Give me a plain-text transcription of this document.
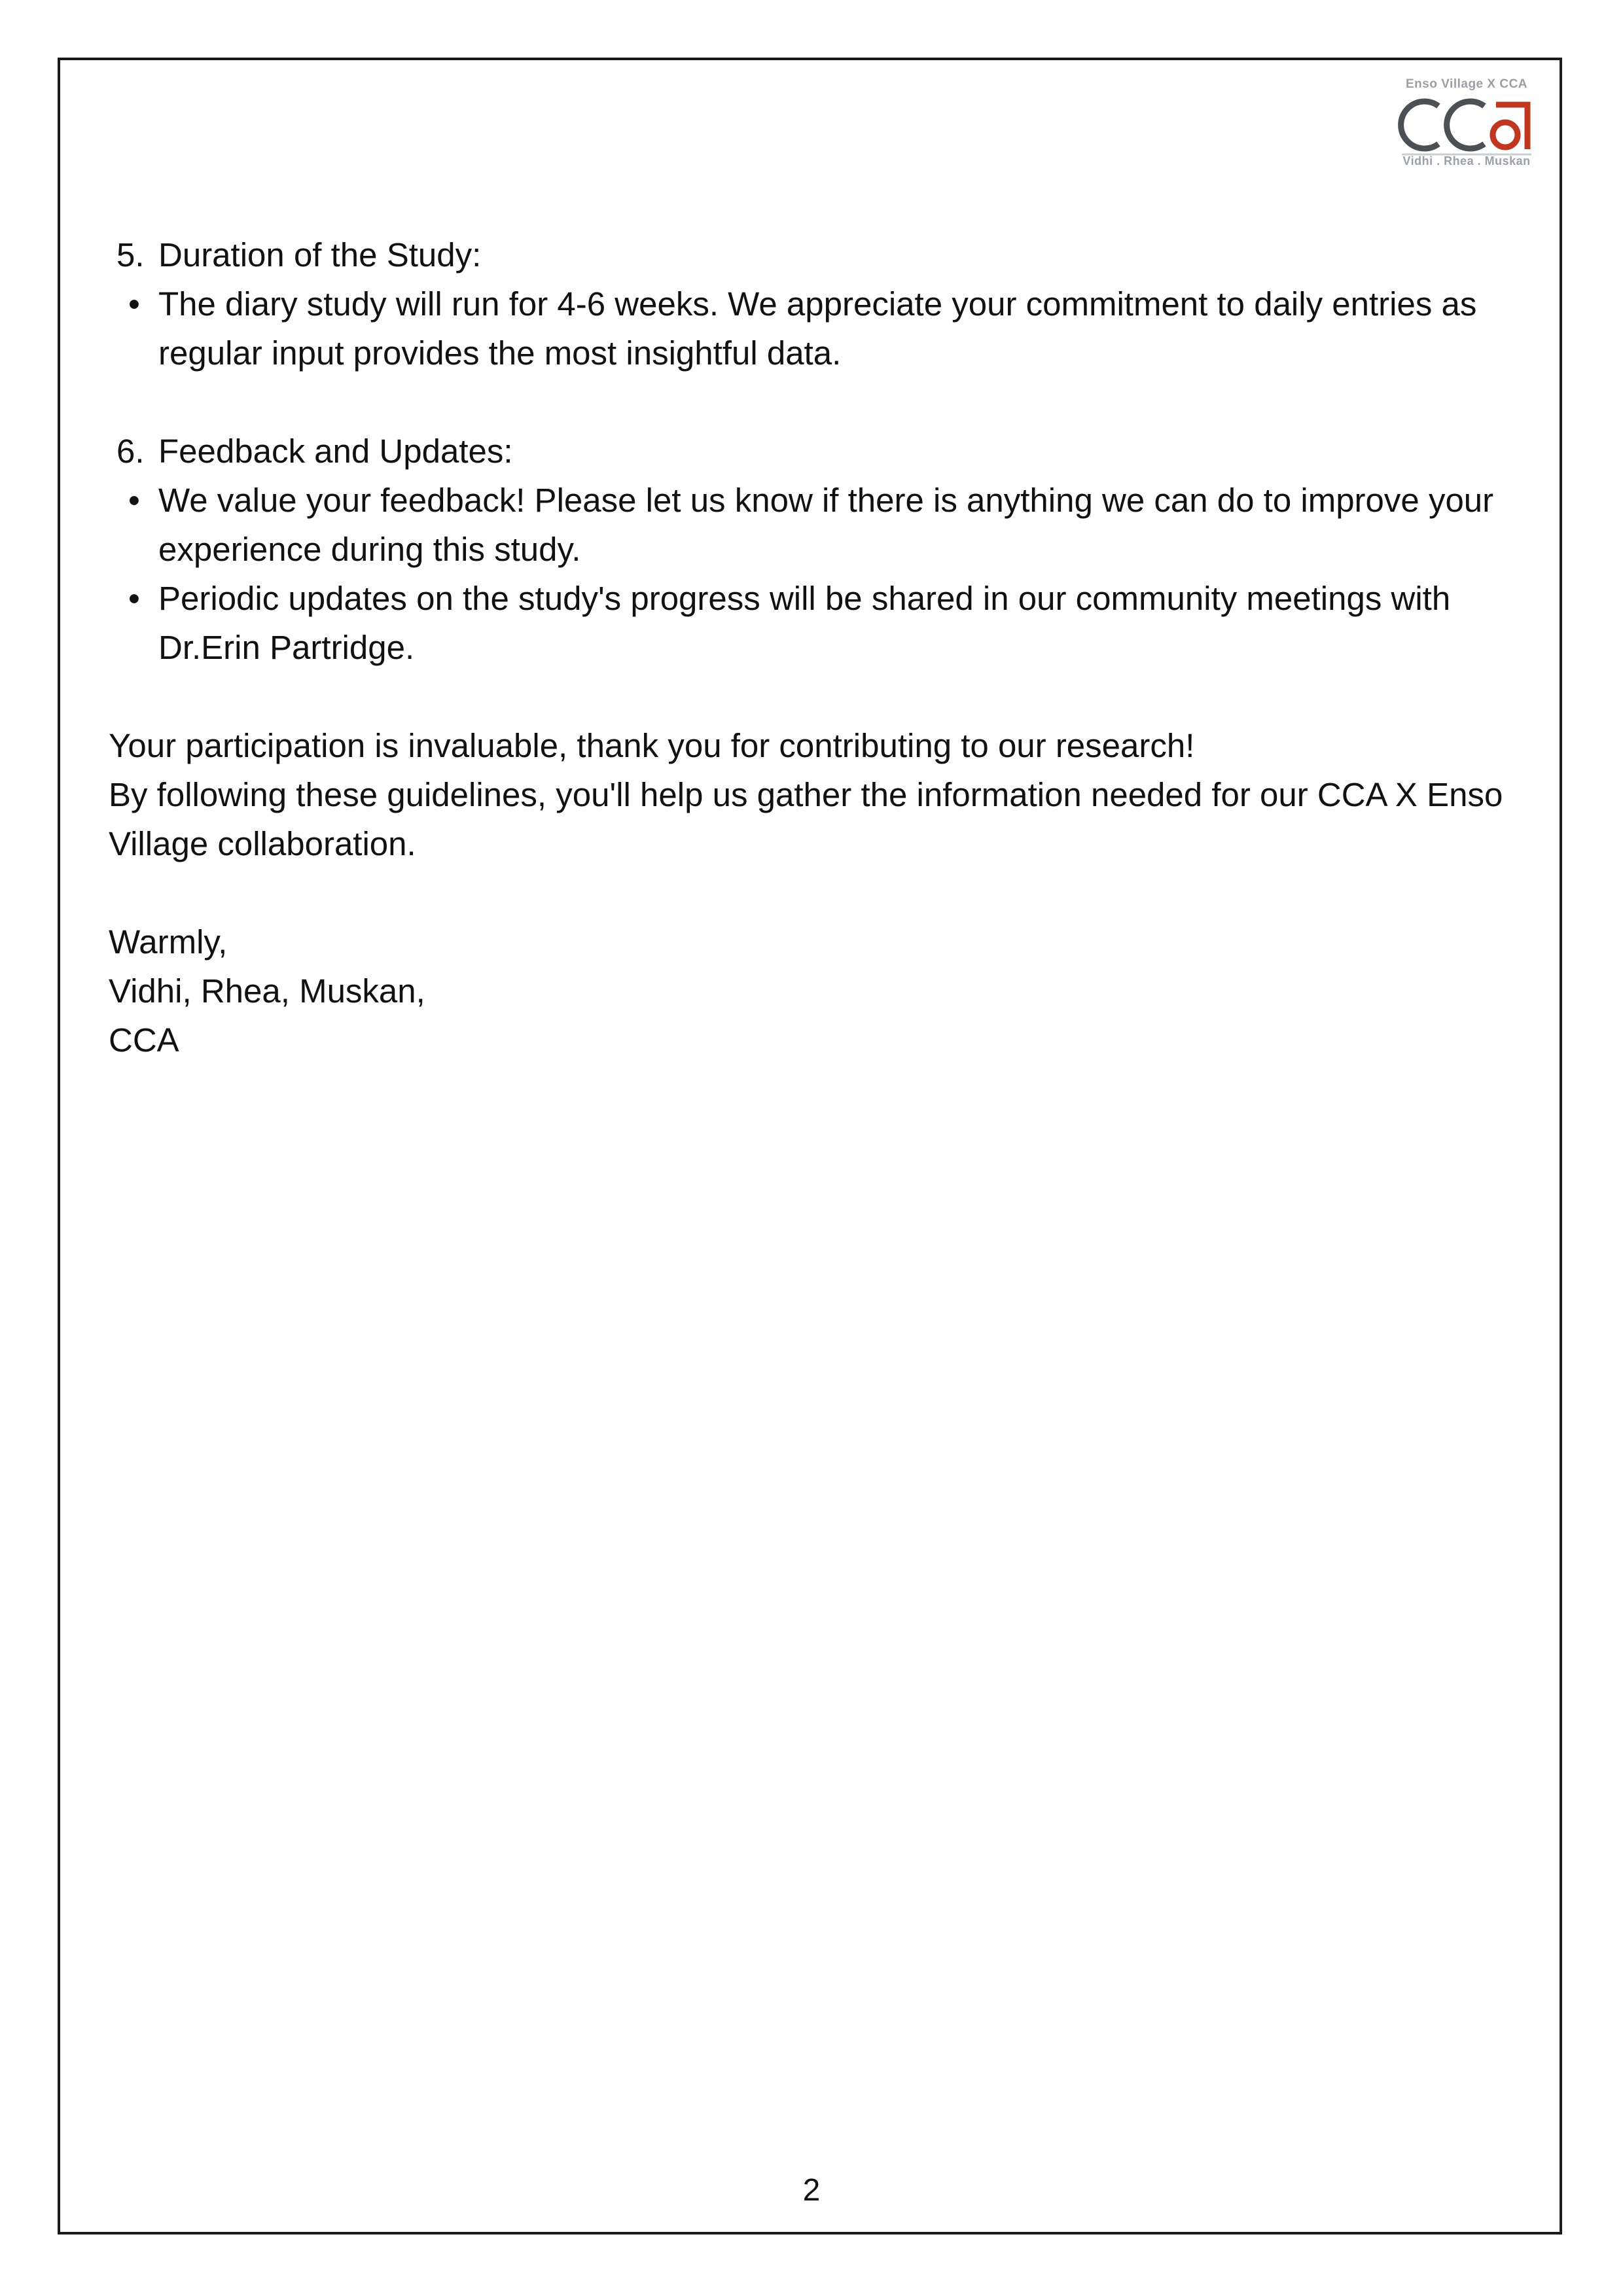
Enso Village X CCA
Vidhi . Rhea . Muskan

5. Duration of the Study:

• The diary study will run for 4-6 weeks. We appreciate your commitment to daily entries as regular input provides the most insightful data.

6. Feedback and Updates:

• We value your feedback! Please let us know if there is anything we can do to improve your experience during this study.
• Periodic updates on the study's progress will be shared in our community meetings with Dr.Erin Partridge.

Your participation is invaluable, thank you for contributing to our research!

By following these guidelines, you'll help us gather the information needed for our CCA X Enso Village collaboration.

Warmly,

Vidhi, Rhea, Muskan,

CCA

2
